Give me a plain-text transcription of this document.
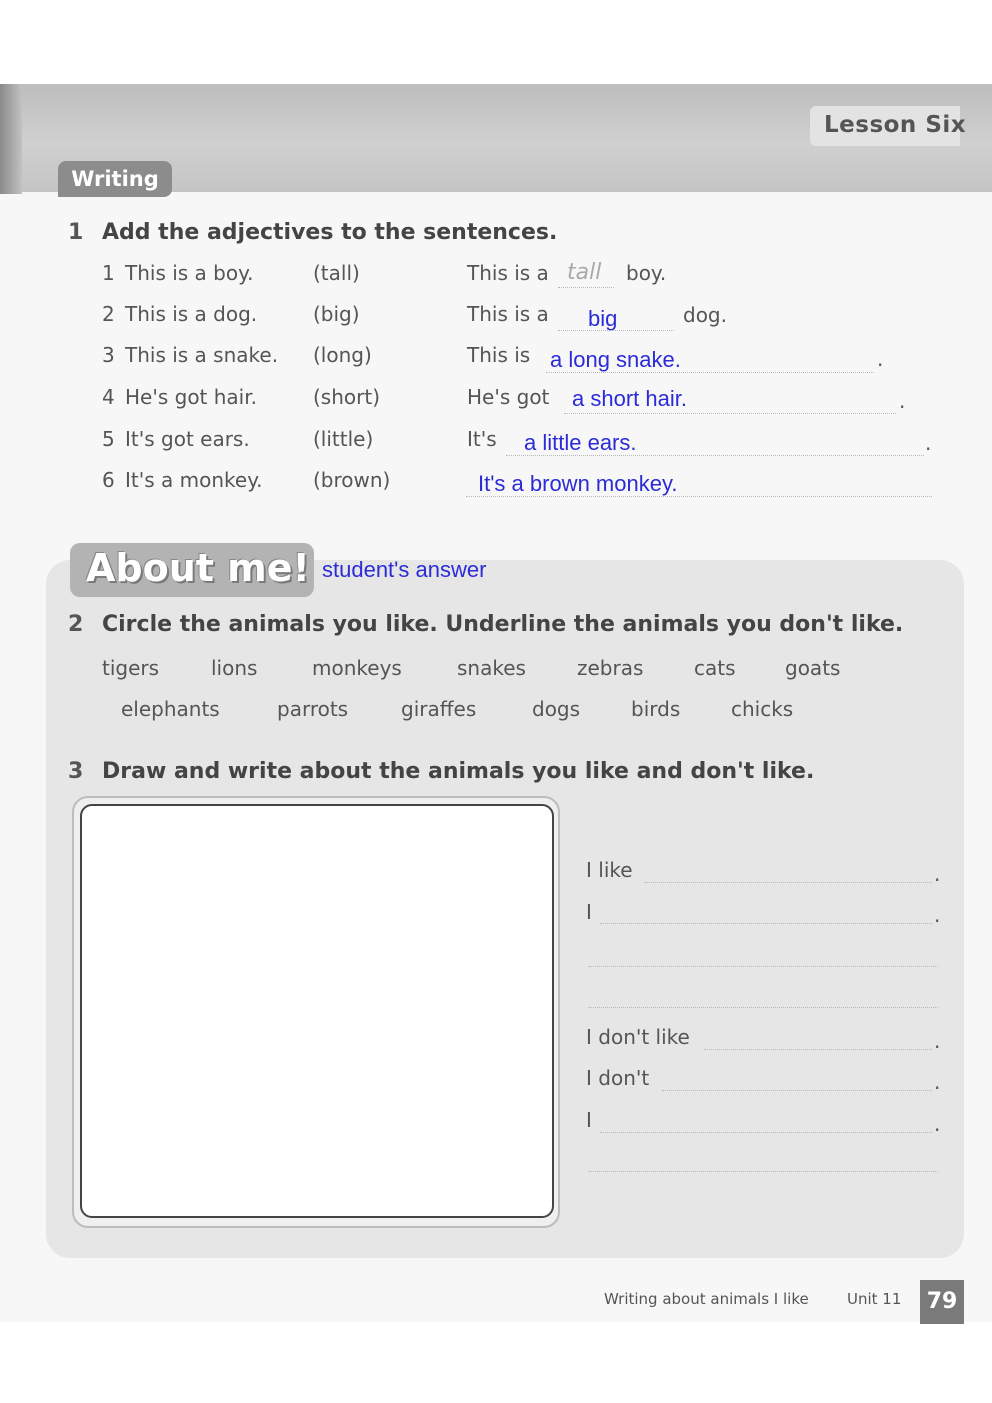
Lesson Six
Writing
1 Add the adjectives to the sentences.
1 This is a boy.	(tall)	This is a tall boy.
2 This is a dog.	(big)	This is a big	dog.
3 This is a snake. (long)	This is a long snake.	.
4 He's got hair.	(short)	He's got a short hair.	.
5 It's got ears.	(little)	It's a little ears.	.
6 It's a monkey.	(brown)	It's a brown monkey.
About me! student's answer
2 Circle the animals you like. Underline the animals you don't like.
tigers	lions	monkeys	snakes	zebras	cats goats
elephants	parrots	giraffes	dogs	birds	chicks
3 Draw and write about the animals you like and don't like.
I like	.
I	.
I don't like	.
I don't	.
I	.
Writing about animals I like	Unit 11	79
